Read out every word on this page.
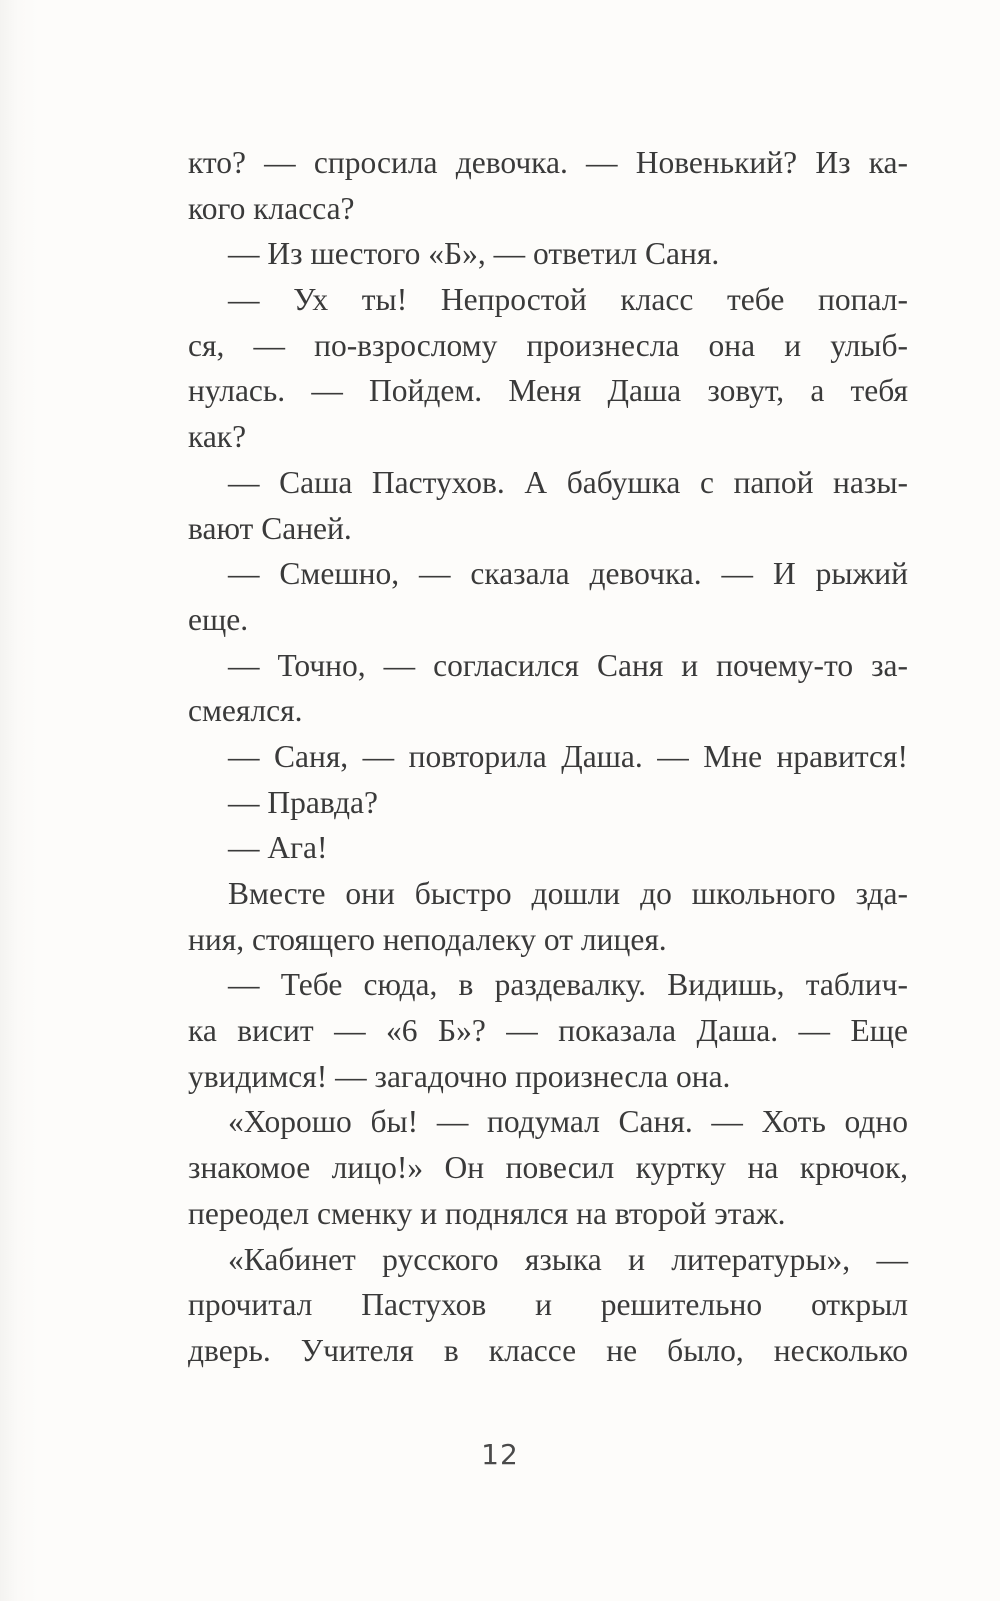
кто? — спросила девочка. — Новенький? Из ка-
кого класса?
— Из шестого «Б», — ответил Саня.
— Ух ты! Непростой класс тебе попал-
ся, — по-взрослому произнесла она и улыб-
нулась. — Пойдем. Меня Даша зовут, а тебя
как?
— Саша Пастухов. А бабушка с папой назы-
вают Саней.
— Смешно, — сказала девочка. — И рыжий
еще.
— Точно, — согласился Саня и почему-то за-
смеялся.
— Саня, — повторила Даша. — Мне нравится!
— Правда?
— Ага!
Вместе они быстро дошли до школьного зда-
ния, стоящего неподалеку от лицея.
— Тебе сюда, в раздевалку. Видишь, таблич-
ка висит — «6 Б»? — показала Даша. — Еще
увидимся! — загадочно произнесла она.
«Хорошо бы! — подумал Саня. — Хоть одно
знакомое лицо!» Он повесил куртку на крючок,
переодел сменку и поднялся на второй этаж.
«Кабинет русского языка и литературы», —
прочитал Пастухов и решительно открыл
дверь. Учителя в классе не было, несколько
12
